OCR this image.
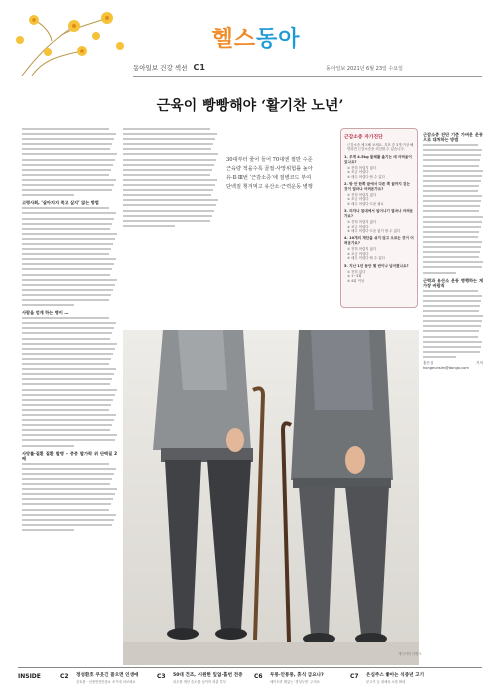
헬스동아
동아일보 건강 섹션 C1	동아일보 2021년 6월 23일 수요일
근육이 빵빵해야 ‘활기찬 노년’
고령사회, ‘살아지지 죽고 싶지’ 않는 방법
사람을 얻게 하는 병이 …
사망률·질환 질환 발병 – 중증 발가락 위 단백질 2배
30대부터 줄어 들어 70대엔 절반 수준
근육량 적을수록 골절·사망위험률 높아
유·Ⅱ·Ⅲ번 ‘근감소증’에 질병코드 부여
단백질 챙겨먹고 유산소·근력운동 병행
근감소증 자가진단
근감소증 체크해 보세요. 지표 중 3개 이상 해당되면 근감소증을 의심할 수 있습니다.
1. 무게 4.5kg 물체를 옮기는 데 어려움이 있나요?
① 전혀 어렵지 않다
② 조금 어렵다
③ 매우 어렵다·할 수 없다
2. 방 안 한쪽 끝에서 다른 쪽 끝까지 걷는 것이 얼마나 어려운가요?
① 전혀 어렵지 않다
② 조금 어렵다
③ 매우 어렵다·도움 필요
3. 의자나 침대에서 일어나기 얼마나 어려운가요?
① 전혀 어렵지 않다
② 조금 어렵다
③ 매우 어렵다·도움 없이 할 수 없다
4. 10개의 계단을 쉬지 않고 오르는 것이 어려운가요?
① 전혀 어렵지 않다
② 조금 어렵다
③ 매우 어렵다·할 수 없다
5. 지난 1년 동안 몇 번이나 넘어졌나요?
① 전혀 없다
② 1~3회
③ 4회 이상
근감소증 진단 기준 가벼운 운동으로 대처하는 방법
근력과 유산소 운동 병행하는 게 가장 바람직

홍은심 기자 hongeunsim@donga.com

게티이미지뱅크
INSIDE	C2 정성환호 쿠웃긴 꼴으면 인생에
신호를 · 신장연건안을요 조기에 의보세요
C3 50대 건조, 시원한 잎없·흡번 전증
피우를 개선 습도를 낮이어 외출 부부
C6 두통·안통통, 휴식 급요나?
메이트만 해있는 ‘경성두통’ 주의보
C7 은심주스 좋아는 식중년 고기
문고기 등 대체육 시장 확대
